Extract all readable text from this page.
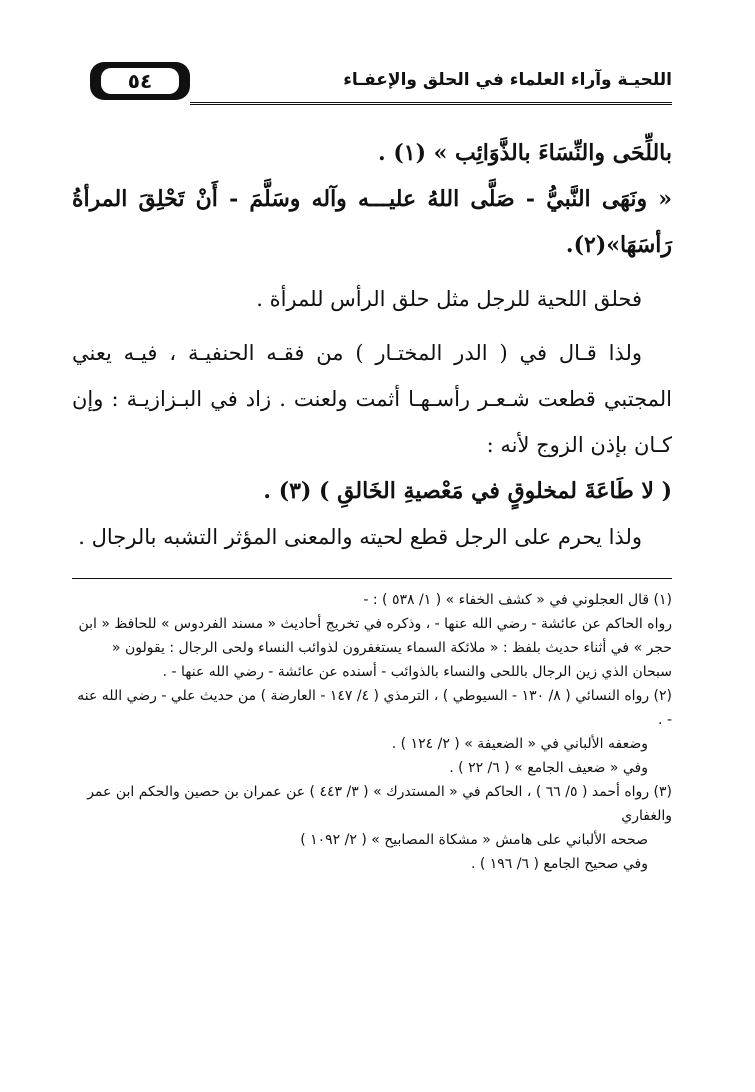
اللحيـة وآراء العلماء في الحلق والإعفـاء
٥٤

باللِّحَى والنِّسَاءَ بالذَّوَائِب » (١) .

« ونَهَى النَّبيُّ - صَلَّى اللهُ عليـــه وآله وسَلَّمَ - أَنْ تَحْلِقَ المرأةُ رَأسَهَا»(٢).

فحلق اللحية للرجل مثل حلق الرأس للمرأة .

ولذا قـال في ( الدر المختـار ) من فقـه الحنفيـة ، فيـه يعني المجتبي قطعت شـعـر رأسـهـا أثمت ولعنت . زاد في البـزازيـة : وإن كـان بإذن الزوج لأنه :

( لا طَاعَةَ لمخلوقٍ في مَعْصيةِ الخَالقِ ) (٣) .

ولذا يحرم على الرجل قطع لحيته والمعنى المؤثر التشبه بالرجال .

(١) قال العجلوني في « كشف الخفاء » ( ١/ ٥٣٨ ) : -

رواه الحاكم عن عائشة - رضي الله عنها - ، وذكره في تخريج أحاديث « مسند الفردوس » للحافظ « ابن حجر » في أثناء حديث بلفظ : « ملائكة السماء يستغفرون لذوائب النساء ولحى الرجال : يقولون « سبحان الذي زين الرجال باللحى والنساء بالذوائب - أسنده عن عائشة - رضي الله عنها - .

(٢) رواه النسائي ( ٨/ ١٣٠ - السيوطي ) ، الترمذي ( ٤/ ١٤٧ - العارضة ) من حديث علي - رضي الله عنه - .

وضعفه الألباني في « الضعيفة » ( ٢/ ١٢٤ ) .

وفي « ضعيف الجامع » ( ٦/ ٢٢ ) .

(٣) رواه أحمد ( ٥/ ٦٦ ) ، الحاكم في « المستدرك » ( ٣/ ٤٤٣ ) عن عمران بن حصين والحكم ابن عمر والغفاري

صححه الألباني على هامش « مشكاة المصابيح » ( ٢/ ١٠٩٢ )

وفي صحيح الجامع ( ٦/ ١٩٦ ) .
